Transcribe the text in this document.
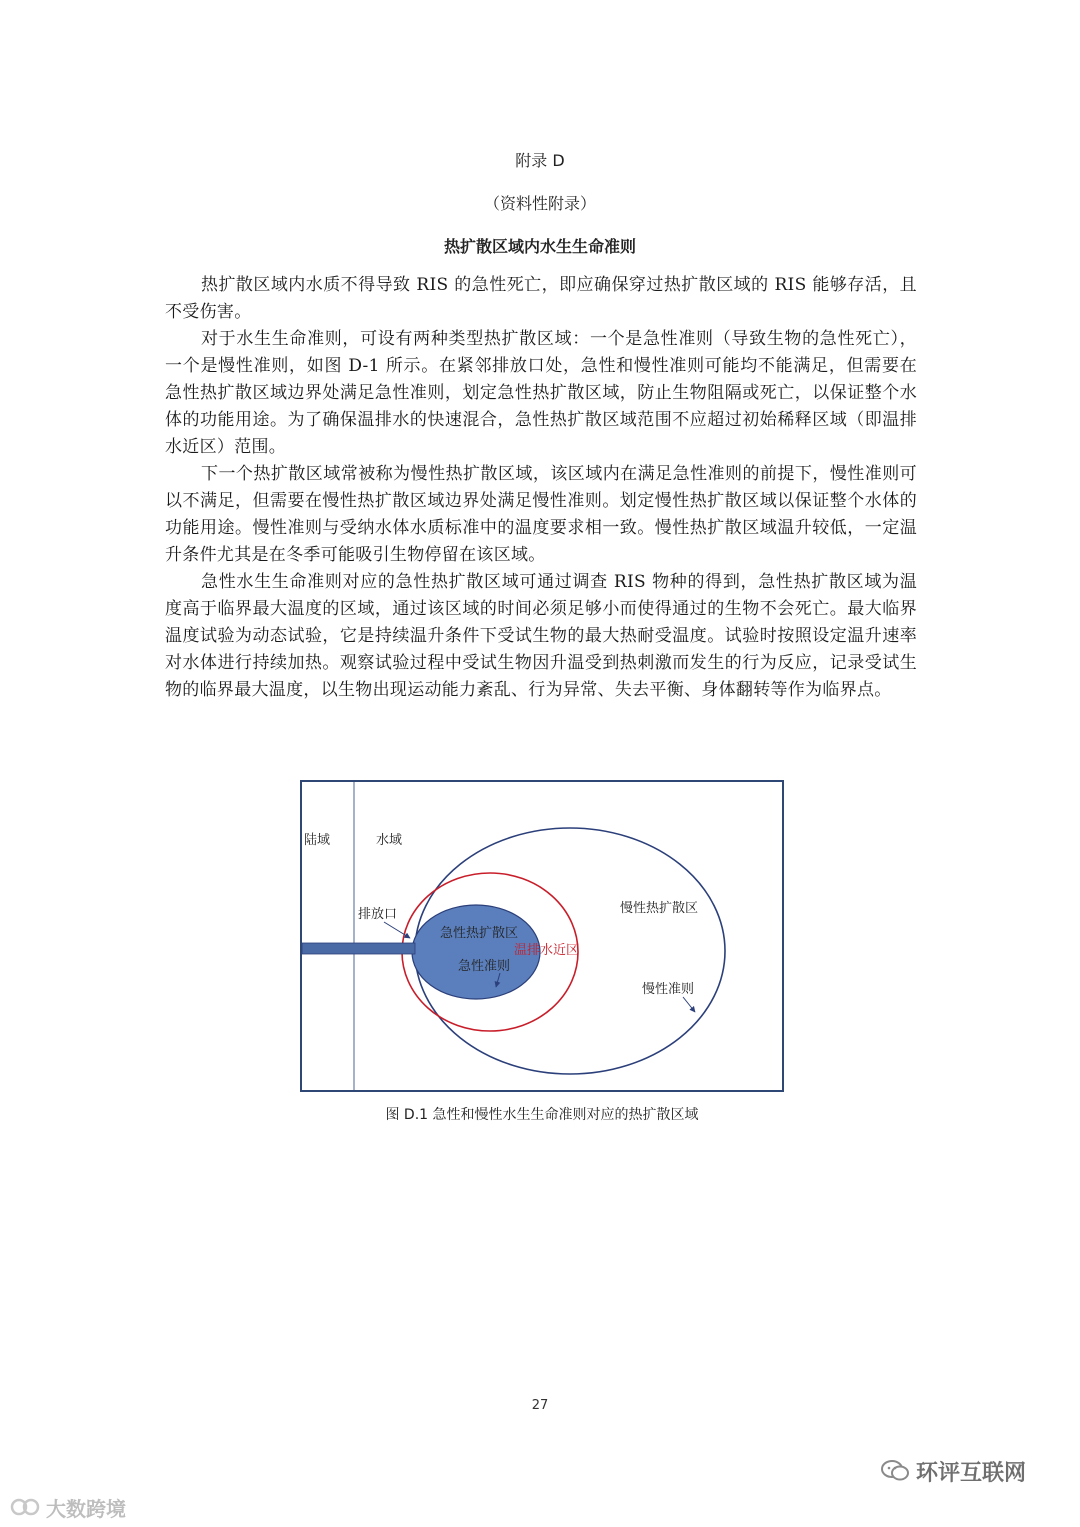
附录 D
（资料性附录）
热扩散区域内水生生命准则

热扩散区域内水质不得导致 RIS 的急性死亡，即应确保穿过热扩散区域的 RIS 能够存活，且不受伤害。

对于水生生命准则，可设有两种类型热扩散区域：一个是急性准则（导致生物的急性死亡），一个是慢性准则，如图 D-1 所示。在紧邻排放口处，急性和慢性准则可能均不能满足，但需要在急性热扩散区域边界处满足急性准则，划定急性热扩散区域，防止生物阻隔或死亡，以保证整个水体的功能用途。为了确保温排水的快速混合，急性热扩散区域范围不应超过初始稀释区域（即温排水近区）范围。

下一个热扩散区域常被称为慢性热扩散区域，该区域内在满足急性准则的前提下，慢性准则可以不满足，但需要在慢性热扩散区域边界处满足慢性准则。划定慢性热扩散区域以保证整个水体的功能用途。慢性准则与受纳水体水质标准中的温度要求相一致。慢性热扩散区域温升较低，一定温升条件尤其是在冬季可能吸引生物停留在该区域。

急性水生生命准则对应的急性热扩散区域可通过调查 RIS 物种的得到，急性热扩散区域为温度高于临界最大温度的区域，通过该区域的时间必须足够小而使得通过的生物不会死亡。最大临界温度试验为动态试验，它是持续温升条件下受试生物的最大热耐受温度。试验时按照设定温升速率对水体进行持续加热。观察试验过程中受试生物因升温受到热刺激而发生的行为反应，记录受试生物的临界最大温度，以生物出现运动能力紊乱、行为异常、失去平衡、身体翻转等作为临界点。

陆域	水域
排放口
急性热扩散区
温排水近区
急性准则
慢性热扩散区
慢性准则
图 D.1 急性和慢性水生生命准则对应的热扩散区域
27
环评互联网
大数跨境
